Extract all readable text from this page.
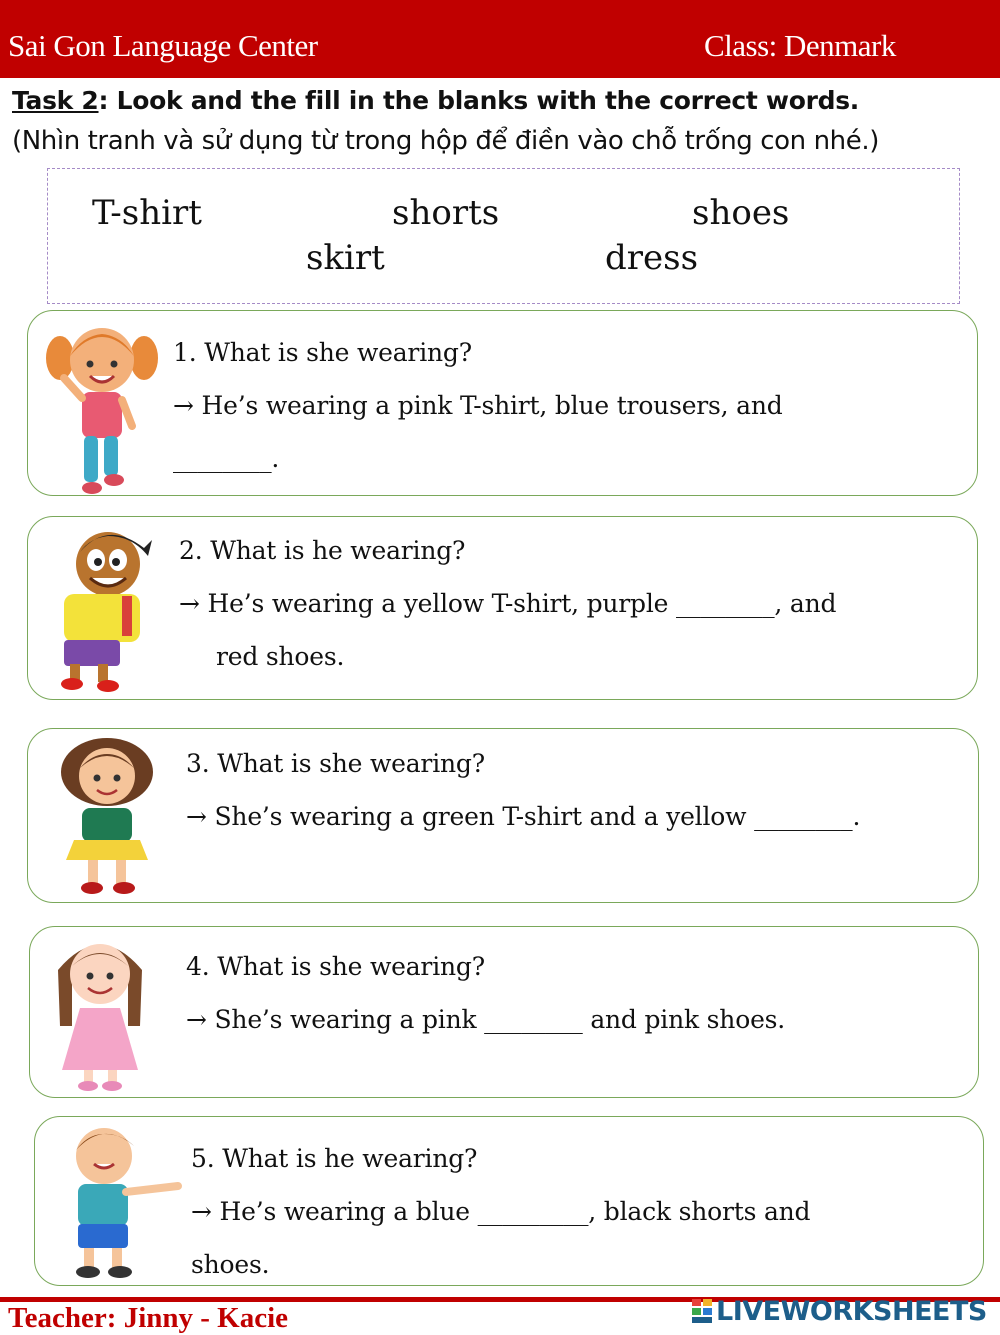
Sai Gon Language Center	Class: Denmark
Task 2: Look and the fill in the blanks with the correct words.
(Nhìn tranh và sử dụng từ trong hộp để điền vào chỗ trống con nhé.)
T-shirt	shorts	shoes
skirt	dress
1. What is she wearing?
→ He’s wearing a pink T-shirt, blue trousers, and
________.
2. What is he wearing?
→ He’s wearing a yellow T-shirt, purple ________, and
red shoes.
3. What is she wearing?
→ She’s wearing a green T-shirt and a yellow ________.
4. What is she wearing?
→ She’s wearing a pink ________ and pink shoes.
5. What is he wearing?
→ He’s wearing a blue _________, black shorts and
shoes.
Teacher: Jinny - Kacie	LIVEWORKSHEETS
